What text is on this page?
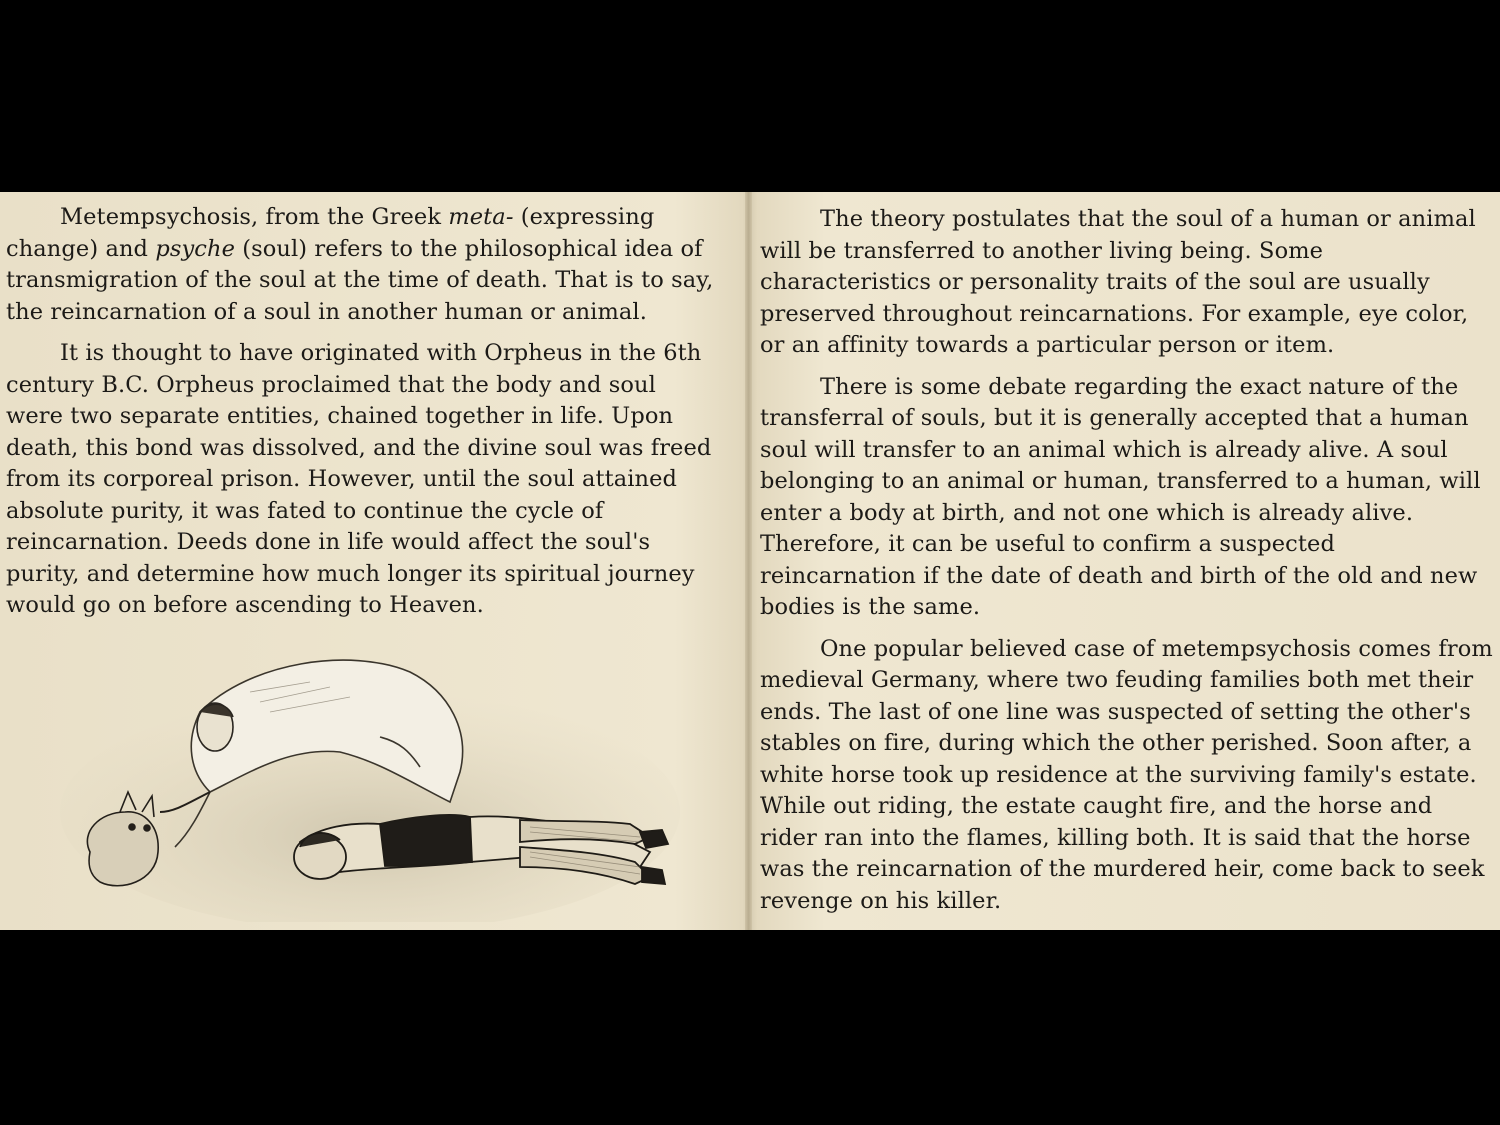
Metempsychosis, from the Greek meta- (expressing change) and psyche (soul) refers to the philosophical idea of transmigration of the soul at the time of death. That is to say, the reincarnation of a soul in another human or animal.

It is thought to have originated with Orpheus in the 6th century B.C. Orpheus proclaimed that the body and soul were two separate entities, chained together in life. Upon death, this bond was dissolved, and the divine soul was freed from its corporeal prison. However, until the soul attained absolute purity, it was fated to continue the cycle of reincarnation. Deeds done in life would affect the soul's purity, and determine how much longer its spiritual journey would go on before ascending to Heaven.

The theory postulates that the soul of a human or animal will be transferred to another living being. Some characteristics or personality traits of the soul are usually preserved throughout reincarnations. For example, eye color, or an affinity towards a particular person or item.

There is some debate regarding the exact nature of the transferral of souls, but it is generally accepted that a human soul will transfer to an animal which is already alive. A soul belonging to an animal or human, transferred to a human, will enter a body at birth, and not one which is already alive. Therefore, it can be useful to confirm a suspected reincarnation if the date of death and birth of the old and new bodies is the same.

One popular believed case of metempsychosis comes from medieval Germany, where two feuding families both met their ends. The last of one line was suspected of setting the other's stables on fire, during which the other perished. Soon after, a white horse took up residence at the surviving family's estate. While out riding, the estate caught fire, and the horse and rider ran into the flames, killing both. It is said that the horse was the reincarnation of the murdered heir, come back to seek revenge on his killer.
